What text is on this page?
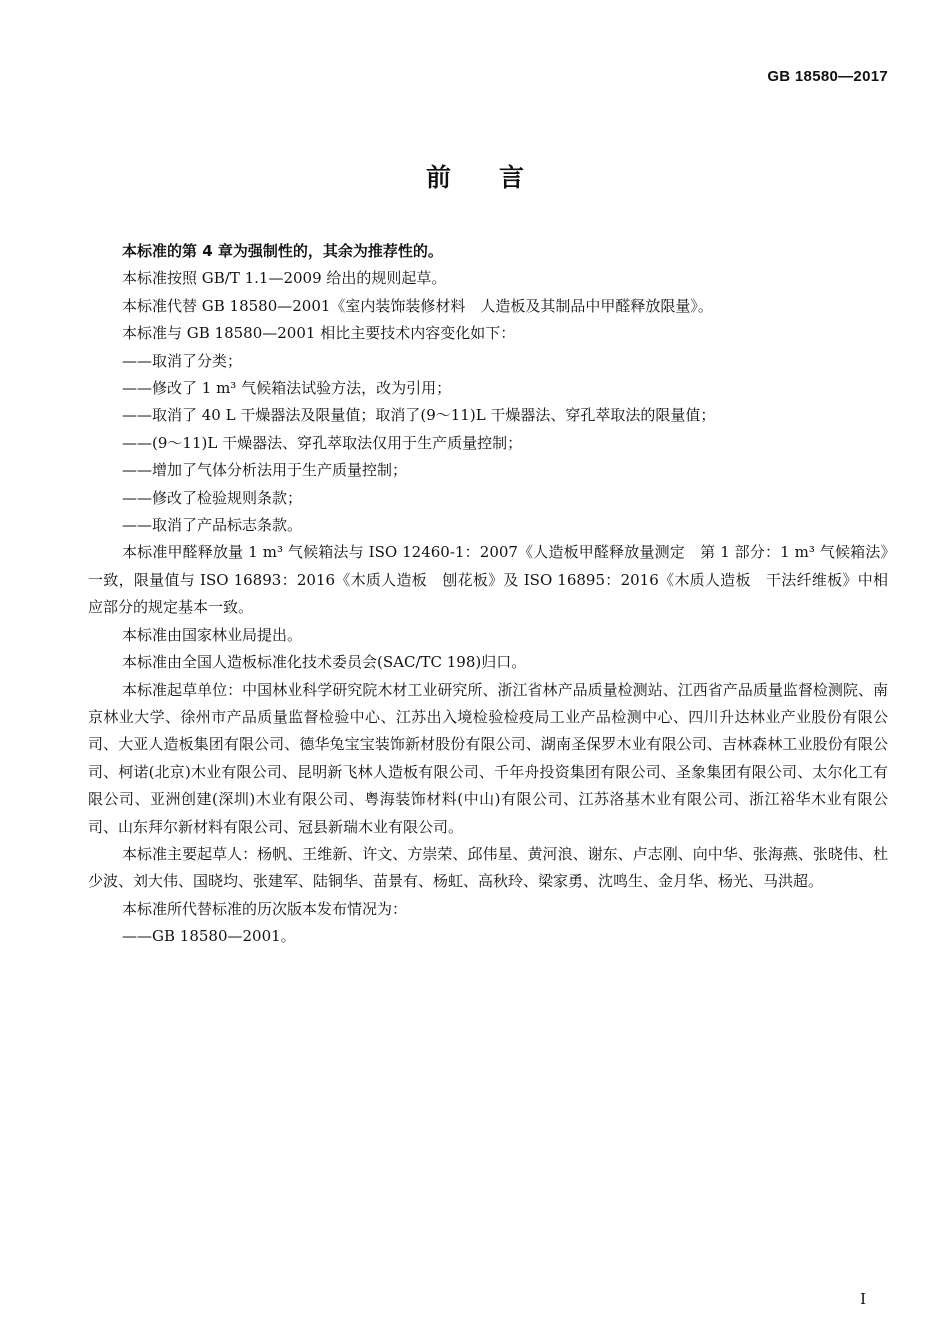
GB 18580—2017
前言

本标准的第 4 章为强制性的，其余为推荐性的。

本标准按照 GB/T 1.1—2009 给出的规则起草。

本标准代替 GB 18580—2001《室内装饰装修材料　人造板及其制品中甲醛释放限量》。

本标准与 GB 18580—2001 相比主要技术内容变化如下：

——取消了分类；

——修改了 1 m³ 气候箱法试验方法，改为引用；

——取消了 40 L 干燥器法及限量值；取消了(9～11)L 干燥器法、穿孔萃取法的限量值；

——(9～11)L 干燥器法、穿孔萃取法仅用于生产质量控制；

——增加了气体分析法用于生产质量控制；

——修改了检验规则条款；

——取消了产品标志条款。

本标准甲醛释放量 1 m³ 气候箱法与 ISO 12460-1：2007《人造板甲醛释放量测定　第 1 部分：1 m³ 气候箱法》一致，限量值与 ISO 16893：2016《木质人造板　刨花板》及 ISO 16895：2016《木质人造板　干法纤维板》中相应部分的规定基本一致。

本标准由国家林业局提出。

本标准由全国人造板标准化技术委员会(SAC/TC 198)归口。

本标准起草单位：中国林业科学研究院木材工业研究所、浙江省林产品质量检测站、江西省产品质量监督检测院、南京林业大学、徐州市产品质量监督检验中心、江苏出入境检验检疫局工业产品检测中心、四川升达林业产业股份有限公司、大亚人造板集团有限公司、德华兔宝宝装饰新材股份有限公司、湖南圣保罗木业有限公司、吉林森林工业股份有限公司、柯诺(北京)木业有限公司、昆明新飞林人造板有限公司、千年舟投资集团有限公司、圣象集团有限公司、太尔化工有限公司、亚洲创建(深圳)木业有限公司、粤海装饰材料(中山)有限公司、江苏洛基木业有限公司、浙江裕华木业有限公司、山东拜尔新材料有限公司、冠县新瑞木业有限公司。

本标准主要起草人：杨帆、王维新、许文、方崇荣、邱伟星、黄河浪、谢东、卢志刚、向中华、张海燕、张晓伟、杜少波、刘大伟、国晓均、张建军、陆铜华、苗景有、杨虹、高秋玲、梁家勇、沈鸣生、金月华、杨光、马洪超。

本标准所代替标准的历次版本发布情况为：

——GB 18580—2001。

I
